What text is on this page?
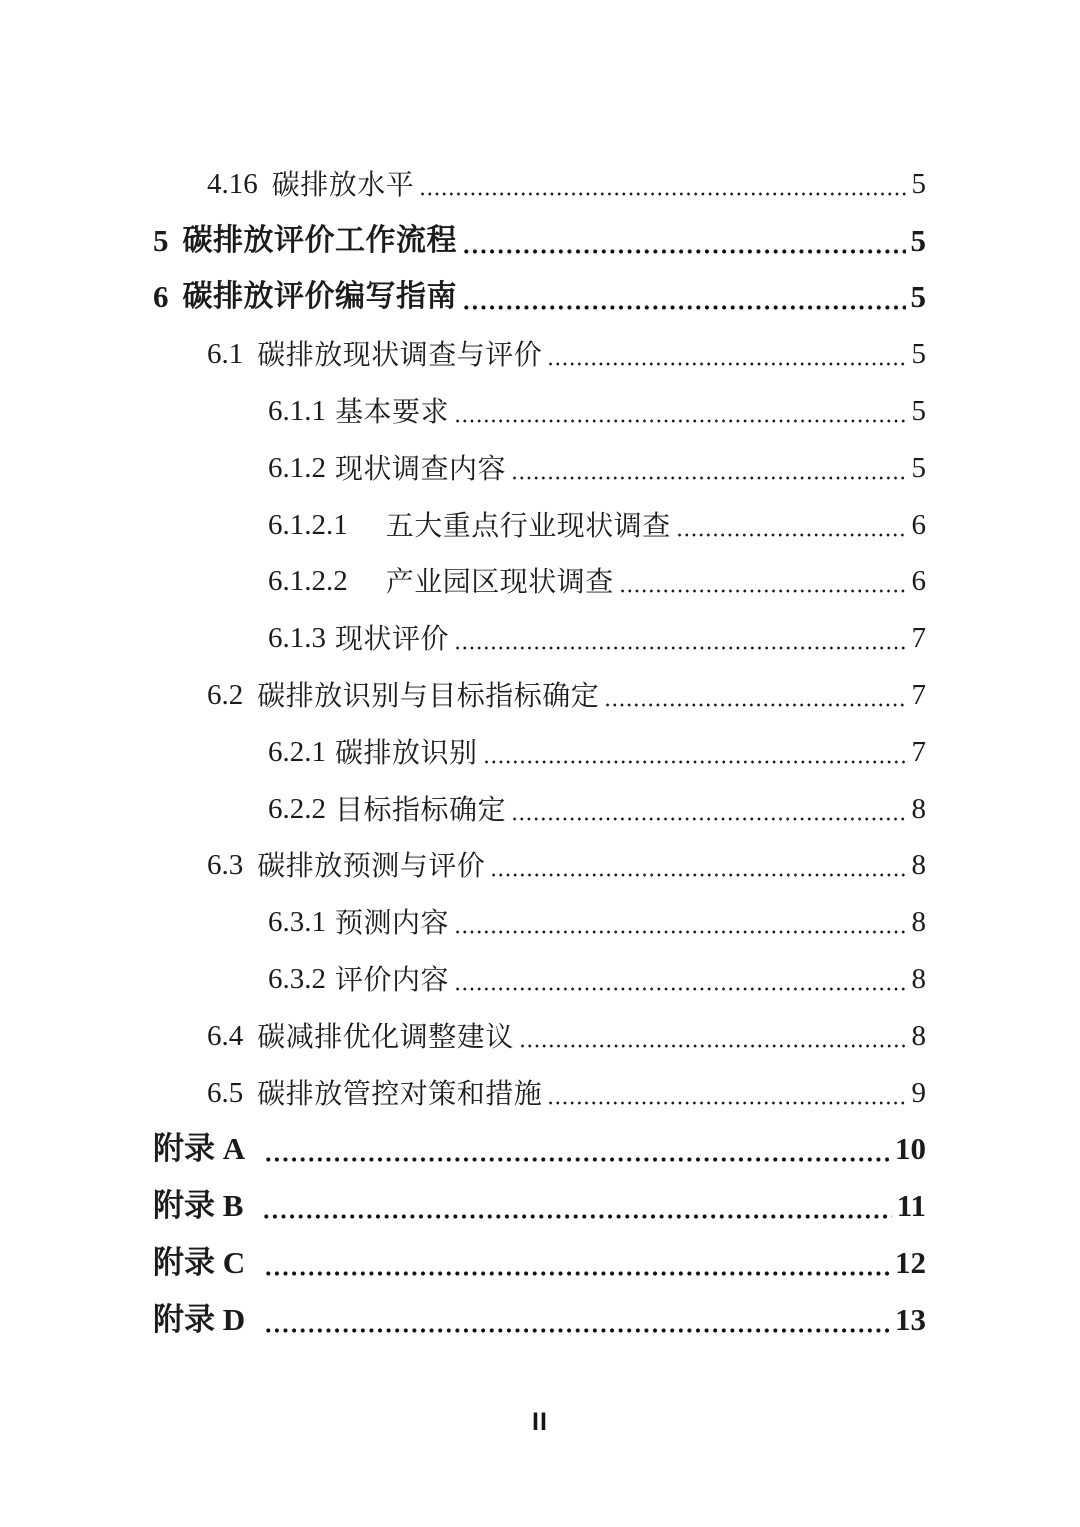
4.16 碳排放水平	5
5 碳排放评价工作流程	5
6 碳排放评价编写指南	5
6.1 碳排放现状调查与评价	5
6.1.1 基本要求	5
6.1.2 现状调查内容	5
6.1.2.1 五大重点行业现状调查	6
6.1.2.2 产业园区现状调查	6
6.1.3 现状评价	7
6.2 碳排放识别与目标指标确定	7
6.2.1 碳排放识别	7
6.2.2 目标指标确定	8
6.3 碳排放预测与评价	8
6.3.1 预测内容	8
6.3.2 评价内容	8
6.4 碳减排优化调整建议	8
6.5 碳排放管控对策和措施	9
附录 A	10
附录 B	11
附录 C	12
附录 D	13
II
